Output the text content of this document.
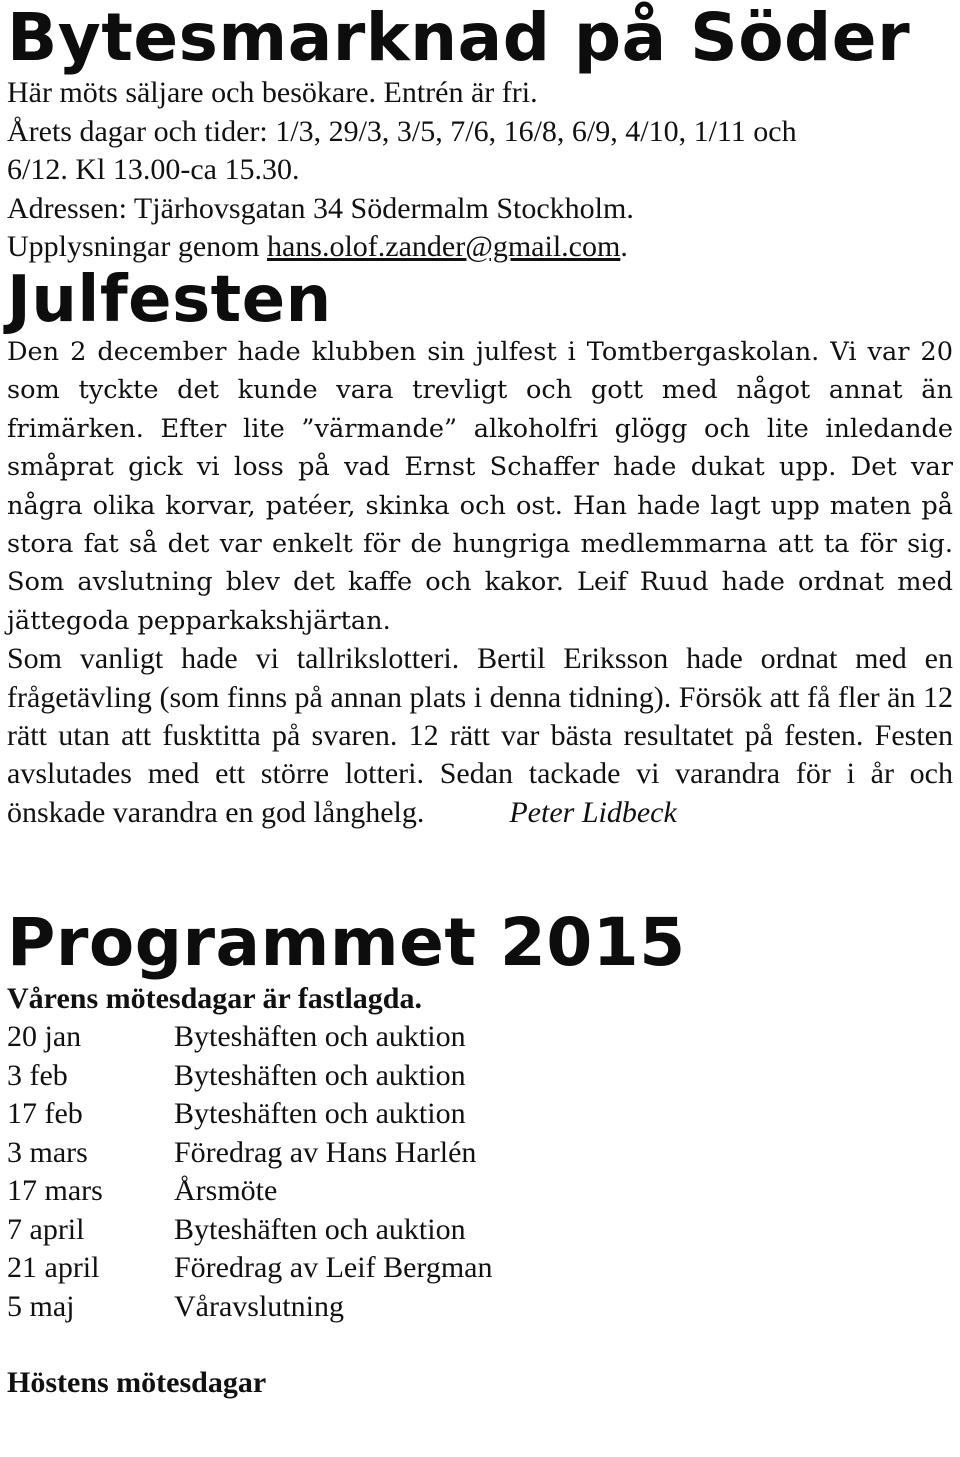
Bytesmarknad på Söder

Här möts säljare och besökare. Entrén är fri.

Årets dagar och tider: 1/3, 29/3, 3/5, 7/6, 16/8, 6/9, 4/10, 1/11 och

6/12. Kl 13.00-ca 15.30.

Adressen: Tjärhovsgatan 34 Södermalm Stockholm.

Upplysningar genom hans.olof.zander@gmail.com.

Julfesten
Den 2 december hade klubben sin julfest i Tomtbergaskolan. Vi var 20 som tyckte det kunde vara trevligt och gott med något annat än frimärken. Efter lite ”värmande” alkoholfri glögg och lite inledande småprat gick vi loss på vad Ernst Schaffer hade dukat upp. Det var några olika korvar, patéer, skinka och ost. Han hade lagt upp maten på stora fat så det var enkelt för de hungriga medlemmarna att ta för sig. Som avslutning blev det kaffe och kakor. Leif Ruud hade ordnat med jättegoda pepparkakshjärtan.
Som vanligt hade vi tallrikslotteri. Bertil Eriksson hade ordnat med en frågetävling (som finns på annan plats i denna tidning). Försök att få fler än 12 rätt utan att fusktitta på svaren. 12 rätt var bästa resultatet på festen. Festen avslutades med ett större lotteri. Sedan tackade vi varandra för i år och önskade varandra en god långhelg.	Peter Lidbeck
Programmet 2015

Vårens mötesdagar är fastlagda.

20 jan	Byteshäften och auktion
3 feb	Byteshäften och auktion
17 feb	Byteshäften och auktion
3 mars	Föredrag av Hans Harlén
17 mars	Årsmöte
7 april	Byteshäften och auktion
21 april	Föredrag av Leif Bergman
5 maj	Våravslutning

Höstens mötesdagar
